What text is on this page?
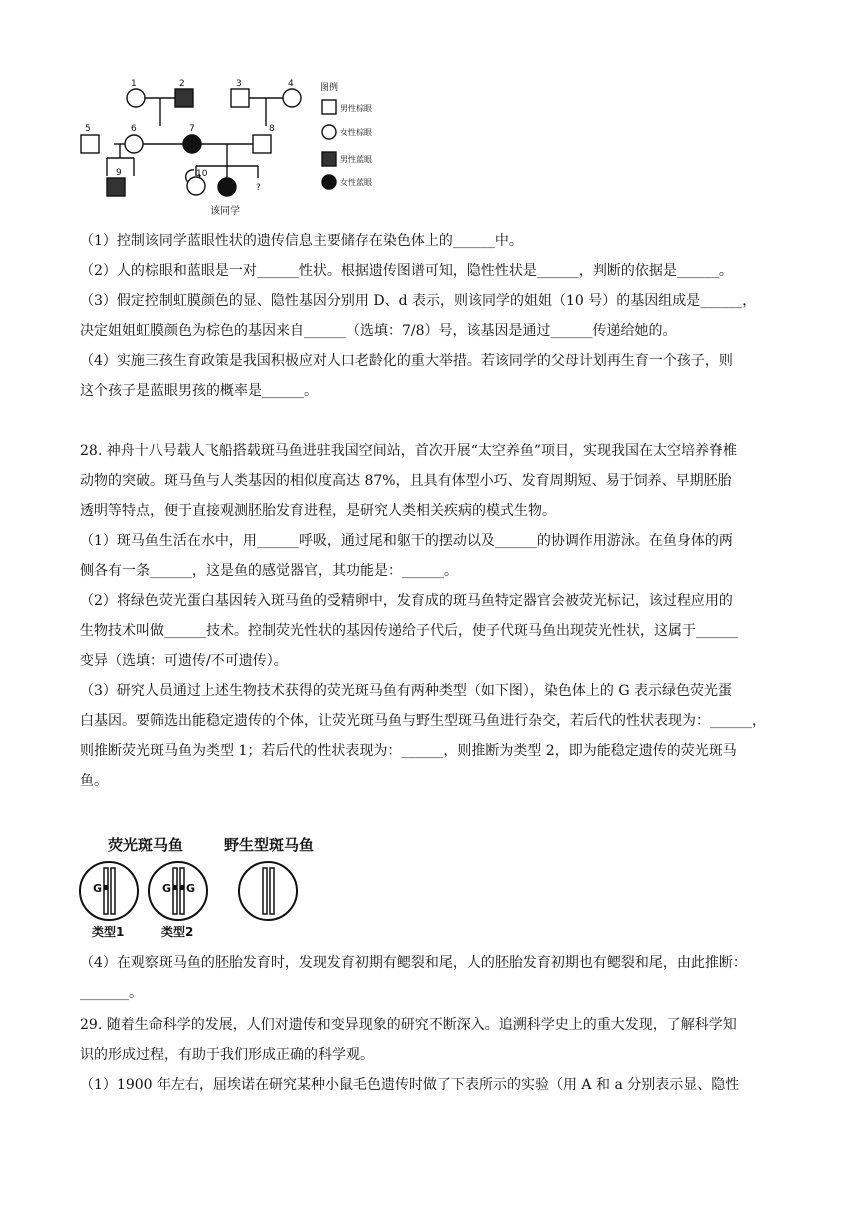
1	2	3	4
5	6	7	8
9	10
?
该同学
图例
男性棕眼
女性棕眼
男性蓝眼
女性蓝眼

（1）控制该同学蓝眼性状的遗传信息主要储存在染色体上的______中。

（2）人的棕眼和蓝眼是一对______性状。根据遗传图谱可知，隐性性状是______，判断的依据是______。

（3）假定控制虹膜颜色的显、隐性基因分别用 D、d 表示，则该同学的姐姐（10 号）的基因组成是______，

决定姐姐虹膜颜色为棕色的基因来自______（选填：7/8）号，该基因是通过______传递给她的。

（4）实施三孩生育政策是我国积极应对人口老龄化的重大举措。若该同学的父母计划再生育一个孩子，则

这个孩子是蓝眼男孩的概率是______。

28. 神舟十八号载人飞船搭载斑马鱼进驻我国空间站，首次开展“太空养鱼”项目，实现我国在太空培养脊椎

动物的突破。斑马鱼与人类基因的相似度高达 87%，且具有体型小巧、发育周期短、易于饲养、早期胚胎

透明等特点，便于直接观测胚胎发育进程，是研究人类相关疾病的模式生物。

（1）斑马鱼生活在水中，用______呼吸，通过尾和躯干的摆动以及______的协调作用游泳。在鱼身体的两

侧各有一条______，这是鱼的感觉器官，其功能是：______。

（2）将绿色荧光蛋白基因转入斑马鱼的受精卵中，发育成的斑马鱼特定器官会被荧光标记，该过程应用的

生物技术叫做______技术。控制荧光性状的基因传递给子代后，使子代斑马鱼出现荧光性状，这属于______

变异（选填：可遗传/不可遗传）。

（3）研究人员通过上述生物技术获得的荧光斑马鱼有两种类型（如下图），染色体上的 G 表示绿色荧光蛋

白基因。要筛选出能稳定遗传的个体，让荧光斑马鱼与野生型斑马鱼进行杂交，若后代的性状表现为：______，

则推断荧光斑马鱼为类型 1；若后代的性状表现为：______，则推断为类型 2，即为能稳定遗传的荧光斑马

鱼。

荧光斑马鱼	野生型斑马鱼
G	G G
类型1	类型2

（4）在观察斑马鱼的胚胎发育时，发现发育初期有鳃裂和尾，人的胚胎发育初期也有鳃裂和尾，由此推断：

_______。

29. 随着生命科学的发展，人们对遗传和变异现象的研究不断深入。追溯科学史上的重大发现，了解科学知

识的形成过程，有助于我们形成正确的科学观。

（1）1900 年左右，屈埃诺在研究某种小鼠毛色遗传时做了下表所示的实验（用 A 和 a 分别表示显、隐性
